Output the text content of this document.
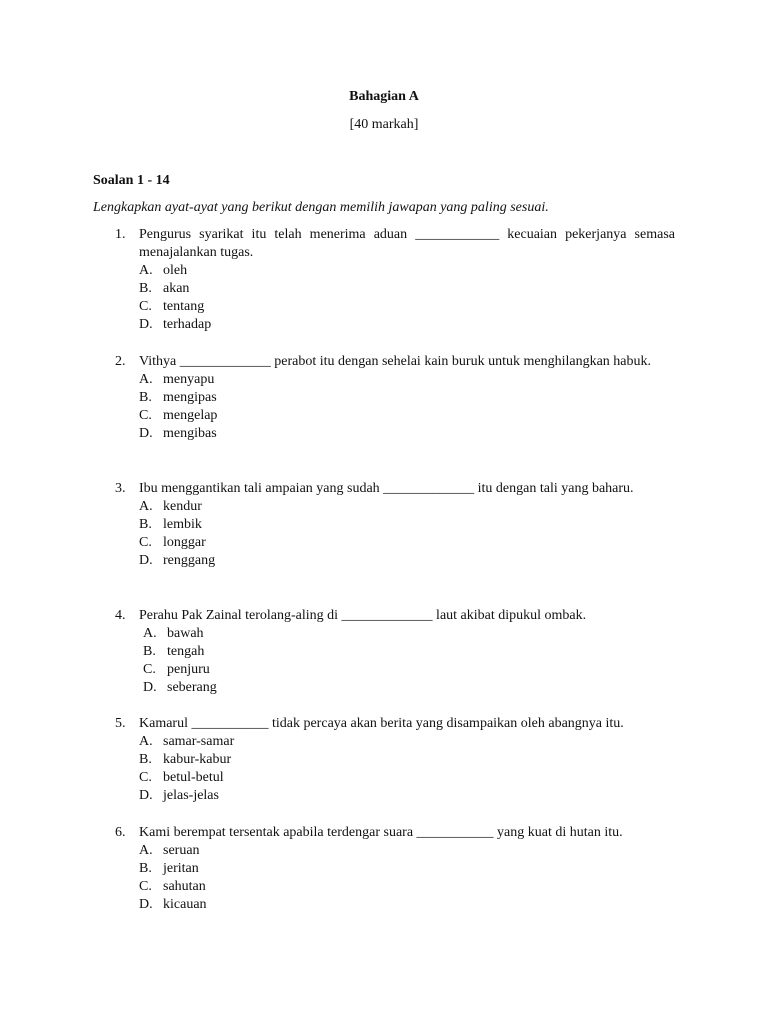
Bahagian A
[40 markah]
Soalan 1 - 14
Lengkapkan ayat-ayat yang berikut dengan memilih jawapan yang paling sesuai.
1. Pengurus syarikat itu telah menerima aduan ____________ kecuaian pekerjanya semasa menajalankan tugas.
A. oleh
B. akan
C. tentang
D. terhadap
2. Vithya _____________ perabot itu dengan sehelai kain buruk untuk menghilangkan habuk.
A. menyapu
B. mengipas
C. mengelap
D. mengibas
3. Ibu menggantikan tali ampaian yang sudah _____________ itu dengan tali yang baharu.
A. kendur
B. lembik
C. longgar
D. renggang
4. Perahu Pak Zainal terolang-aling di _____________ laut akibat dipukul ombak.
A. bawah
B. tengah
C. penjuru
D. seberang
5. Kamarul ___________ tidak percaya akan berita yang disampaikan oleh abangnya itu.
A. samar-samar
B. kabur-kabur
C. betul-betul
D. jelas-jelas
6. Kami berempat tersentak apabila terdengar suara ___________ yang kuat di hutan itu.
A. seruan
B. jeritan
C. sahutan
D. kicauan
